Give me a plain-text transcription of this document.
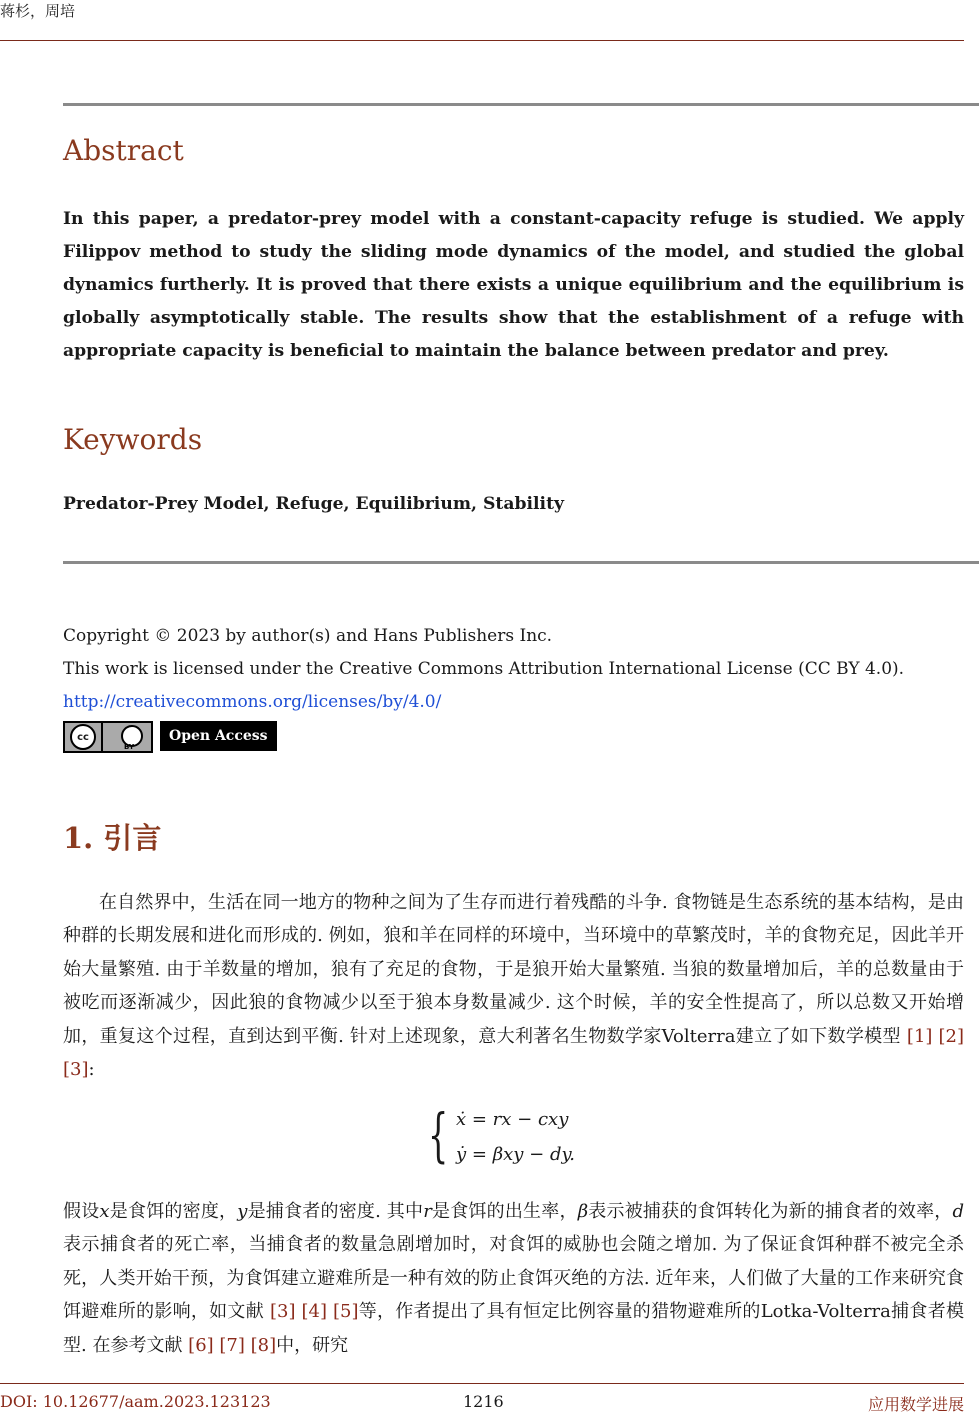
蒋杉，周培
Abstract

In this paper, a predator-prey model with a constant-capacity refuge is studied. We apply Filippov method to study the sliding mode dynamics of the model, and studied the global dynamics furtherly. It is proved that there exists a unique equilibrium and the equilibrium is globally asymptotically stable. The results show that the establishment of a refuge with appropriate capacity is beneficial to maintain the balance between predator and prey.

Keywords

Predator‐Prey Model, Refuge, Equilibrium, Stability

Copyright © 2023 by author(s) and Hans Publishers Inc.
This work is licensed under the Creative Commons Attribution International License (CC BY 4.0).
http://creativecommons.org/licenses/by/4.0/
cc
BY
Open Access
1. 引言

在自然界中，生活在同一地方的物种之间为了生存而进行着残酷的斗争. 食物链是生态系统的基本结构，是由种群的长期发展和进化而形成的. 例如，狼和羊在同样的环境中，当环境中的草繁茂时，羊的食物充足，因此羊开始大量繁殖. 由于羊数量的增加，狼有了充足的食物，于是狼开始大量繁殖. 当狼的数量增加后，羊的总数量由于被吃而逐渐减少，因此狼的食物减少以至于狼本身数量减少. 这个时候，羊的安全性提高了，所以总数又开始增加，重复这个过程，直到达到平衡. 针对上述现象，意大利著名生物数学家Volterra建立了如下数学模型 [1] [2] [3]:

{ ẋ = rx − cxy
ẏ = βxy − dy.

假设x是食饵的密度，y是捕食者的密度. 其中r是食饵的出生率，β表示被捕获的食饵转化为新的捕食者的效率，d表示捕食者的死亡率，当捕食者的数量急剧增加时，对食饵的威胁也会随之增加. 为了保证食饵种群不被完全杀死，人类开始干预，为食饵建立避难所是一种有效的防止食饵灭绝的方法. 近年来，人们做了大量的工作来研究食饵避难所的影响，如文献 [3] [4] [5]等，作者提出了具有恒定比例容量的猎物避难所的Lotka-Volterra捕食者模型. 在参考文献 [6] [7] [8]中，研究

DOI: 10.12677/aam.2023.123123	1216	应用数学进展
